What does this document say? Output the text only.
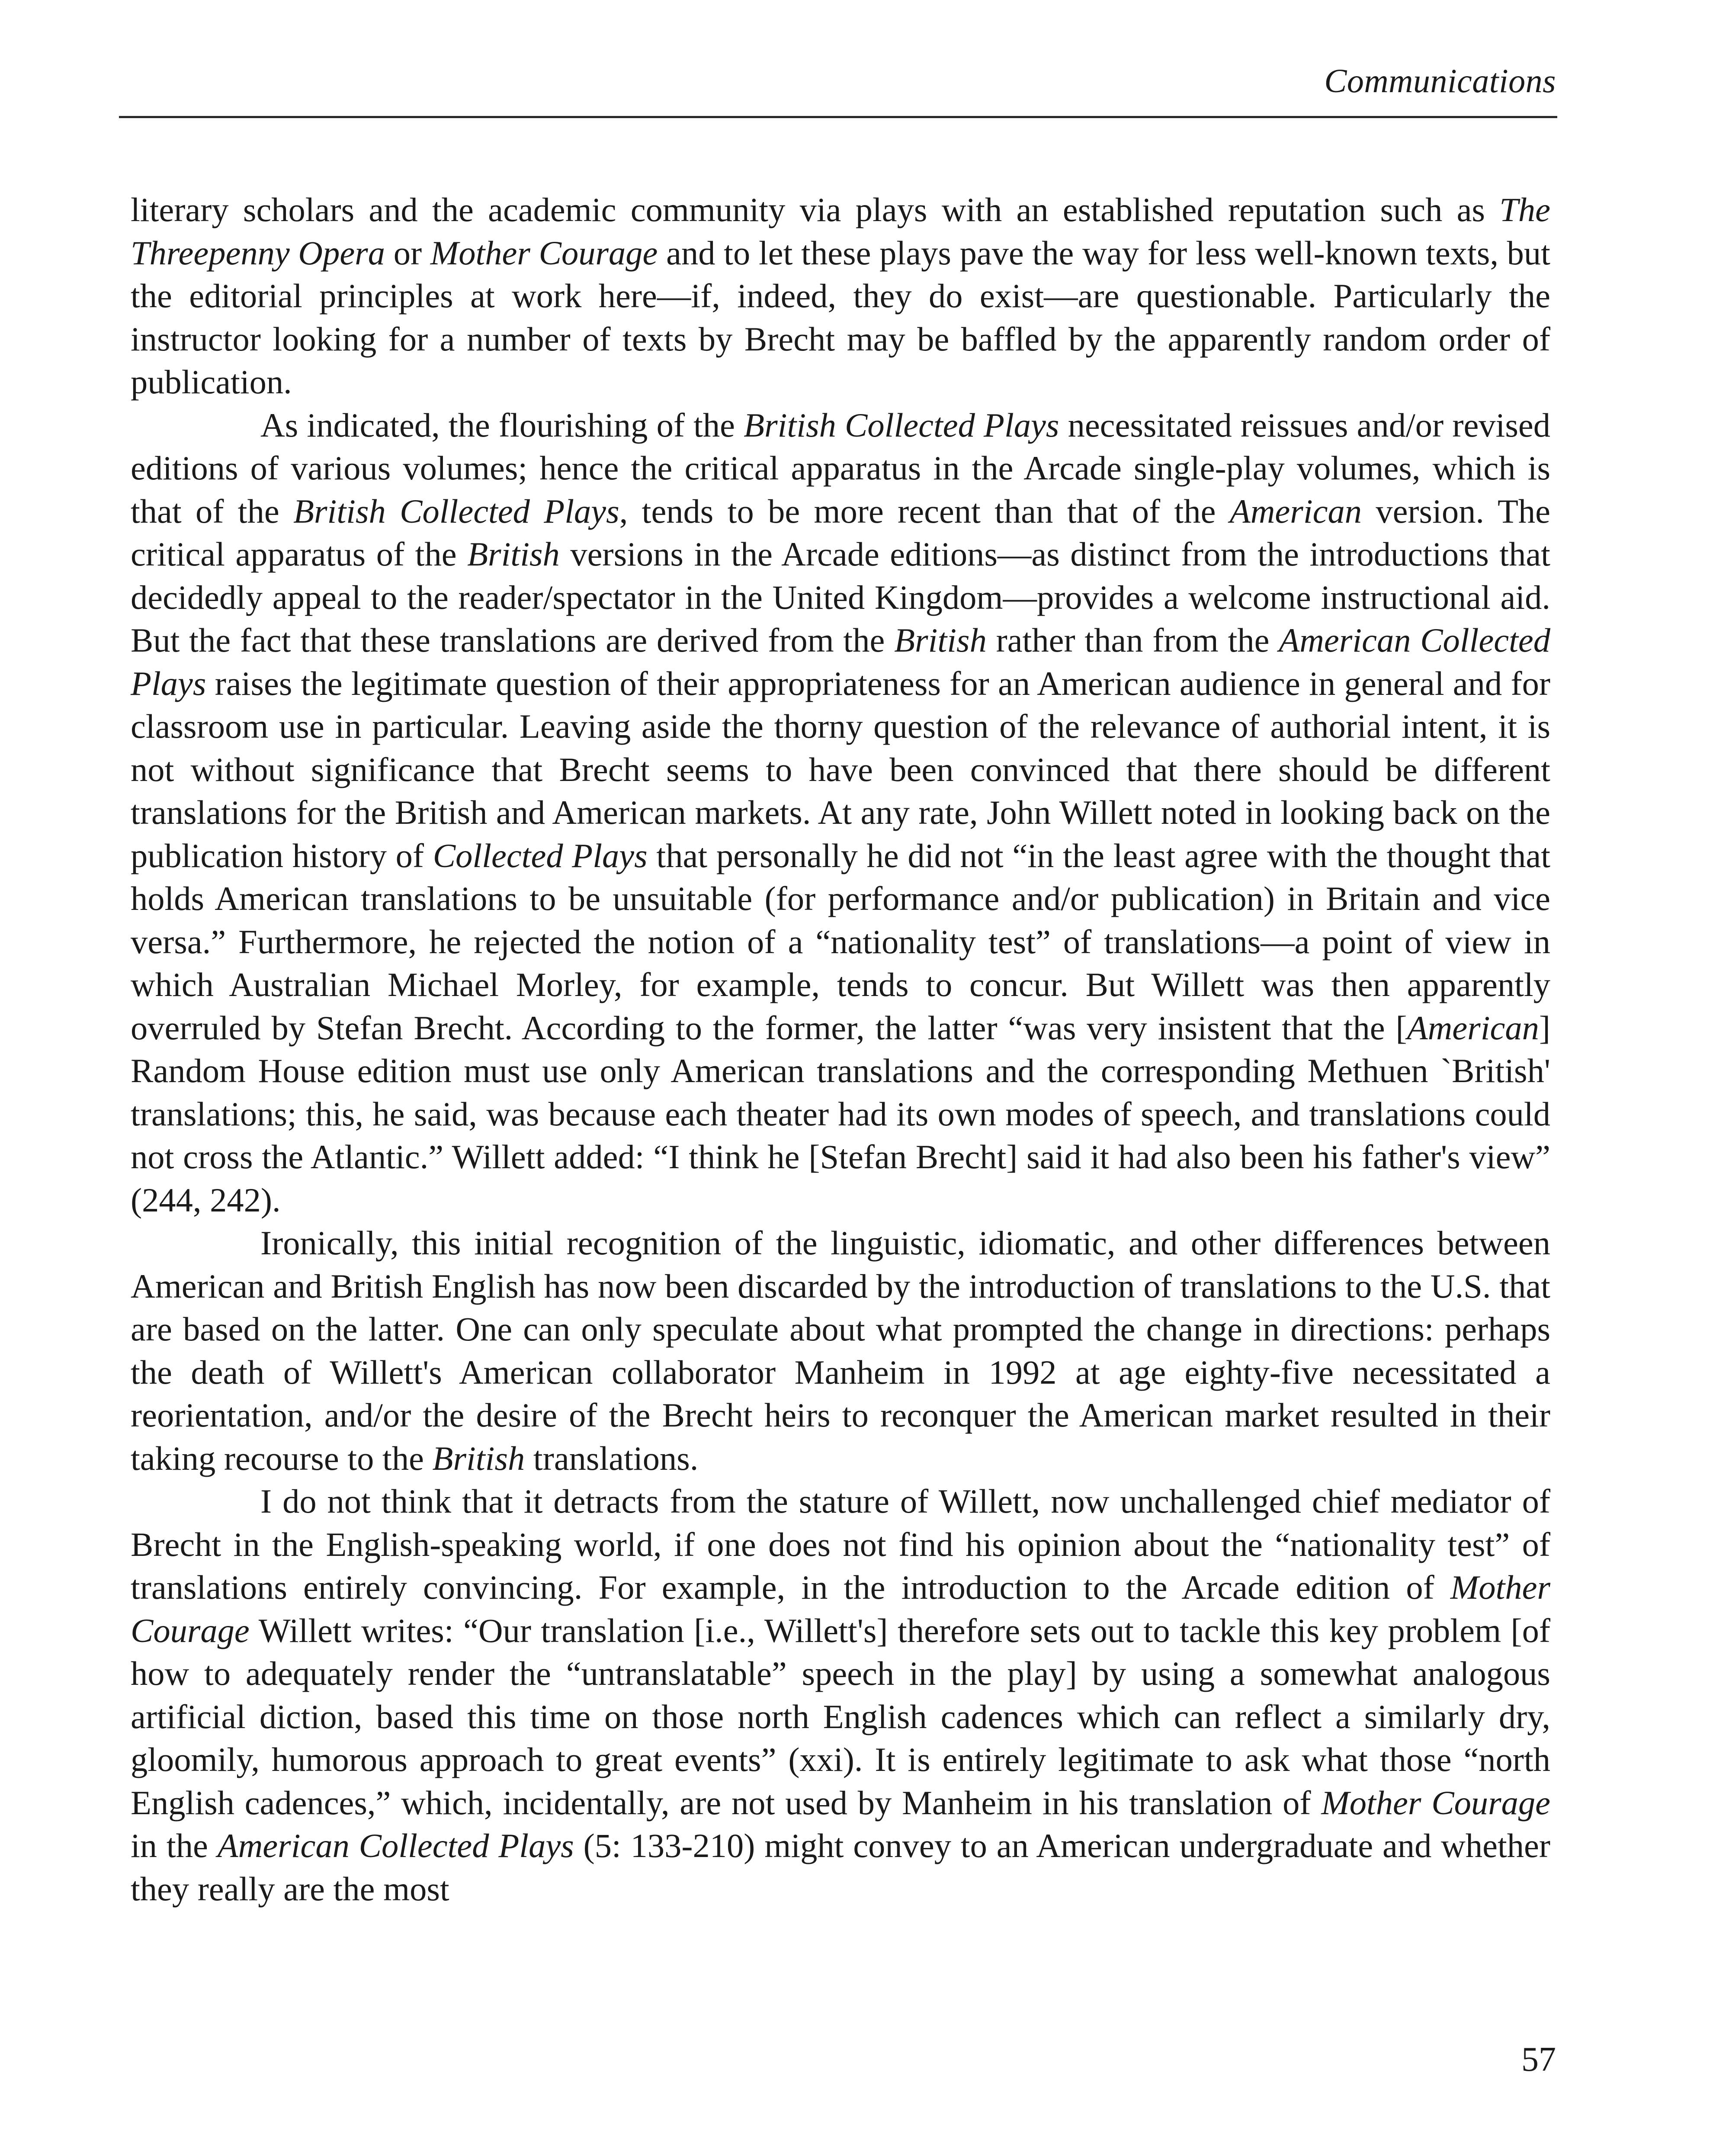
Communications

literary scholars and the academic community via plays with an established reputation such as The Threepenny Opera or Mother Courage and to let these plays pave the way for less well-known texts, but the editorial principles at work here—if, indeed, they do exist—are questionable. Particularly the instructor looking for a number of texts by Brecht may be baffled by the apparently random order of publication.

As indicated, the flourishing of the British Collected Plays necessitated reissues and/or revised editions of various volumes; hence the critical apparatus in the Arcade single-play volumes, which is that of the British Collected Plays, tends to be more recent than that of the American version. The critical apparatus of the British versions in the Arcade editions—as distinct from the introductions that decidedly appeal to the reader/spectator in the United Kingdom—provides a welcome instructional aid. But the fact that these translations are derived from the British rather than from the American Collected Plays raises the legitimate question of their appropriateness for an American audience in general and for classroom use in particular. Leaving aside the thorny question of the relevance of authorial intent, it is not without significance that Brecht seems to have been convinced that there should be different translations for the British and American markets. At any rate, John Willett noted in looking back on the publication history of Collected Plays that personally he did not “in the least agree with the thought that holds American translations to be unsuitable (for performance and/or publication) in Britain and vice versa.” Furthermore, he rejected the notion of a “nationality test” of translations—a point of view in which Australian Michael Morley, for example, tends to concur. But Willett was then apparently overruled by Stefan Brecht. According to the former, the latter “was very insistent that the [American] Random House edition must use only American translations and the corresponding Methuen `British' translations; this, he said, was because each theater had its own modes of speech, and translations could not cross the Atlantic.” Willett added: “I think he [Stefan Brecht] said it had also been his father's view” (244, 242).

Ironically, this initial recognition of the linguistic, idiomatic, and other differences between American and British English has now been discarded by the introduction of translations to the U.S. that are based on the latter. One can only speculate about what prompted the change in directions: perhaps the death of Willett's American collaborator Manheim in 1992 at age eighty-five necessitated a reorientation, and/or the desire of the Brecht heirs to reconquer the American market resulted in their taking recourse to the British translations.

I do not think that it detracts from the stature of Willett, now unchallenged chief mediator of Brecht in the English-speaking world, if one does not find his opinion about the “nationality test” of translations entirely convincing. For example, in the introduction to the Arcade edition of Mother Courage Willett writes: “Our translation [i.e., Willett's] therefore sets out to tackle this key problem [of how to adequately render the “untranslatable” speech in the play] by using a somewhat analogous artificial diction, based this time on those north English cadences which can reflect a similarly dry, gloomily, humorous approach to great events” (xxi). It is entirely legitimate to ask what those “north English cadences,” which, incidentally, are not used by Manheim in his translation of Mother Courage in the American Collected Plays (5: 133-210) might convey to an American undergraduate and whether they really are the most

57
